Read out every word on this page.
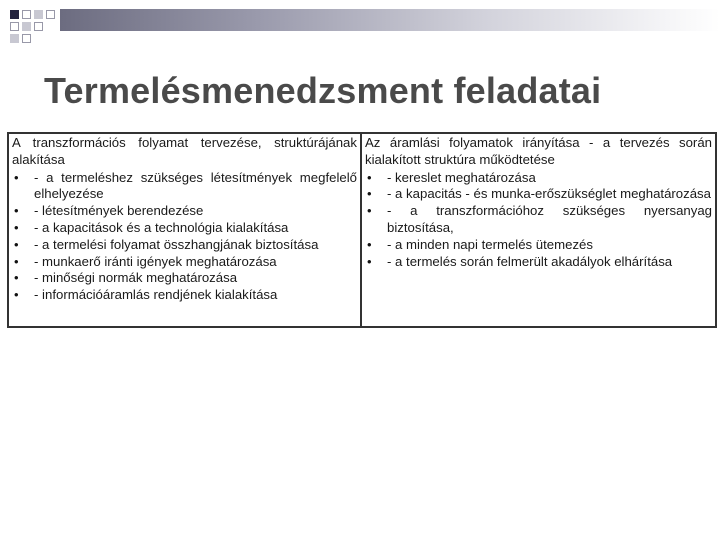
Termelésmenedzsment feladatai

A transzformációs folyamat tervezése, struktúrájának alakítása

•	- a termeléshez szükséges létesítmények megfelelő elhelyezése
•	- létesítmények berendezése
•	- a kapacitások és a technológia kialakítása
•	- a termelési folyamat összhangjának biztosítása
•	- munkaerő iránti igények meghatározása
•	- minőségi normák meghatározása
•	- információáramlás rendjének kialakítása

Az áramlási folyamatok irányítása - a tervezés során kialakított struktúra működtetése

•	- kereslet meghatározása
•	- a kapacitás - és munka-erőszükséglet meghatározása
•	- a transzformációhoz szükséges nyersanyag biztosítása,
•	- a minden napi termelés ütemezés
•	- a termelés során felmerült akadályok elhárítása
